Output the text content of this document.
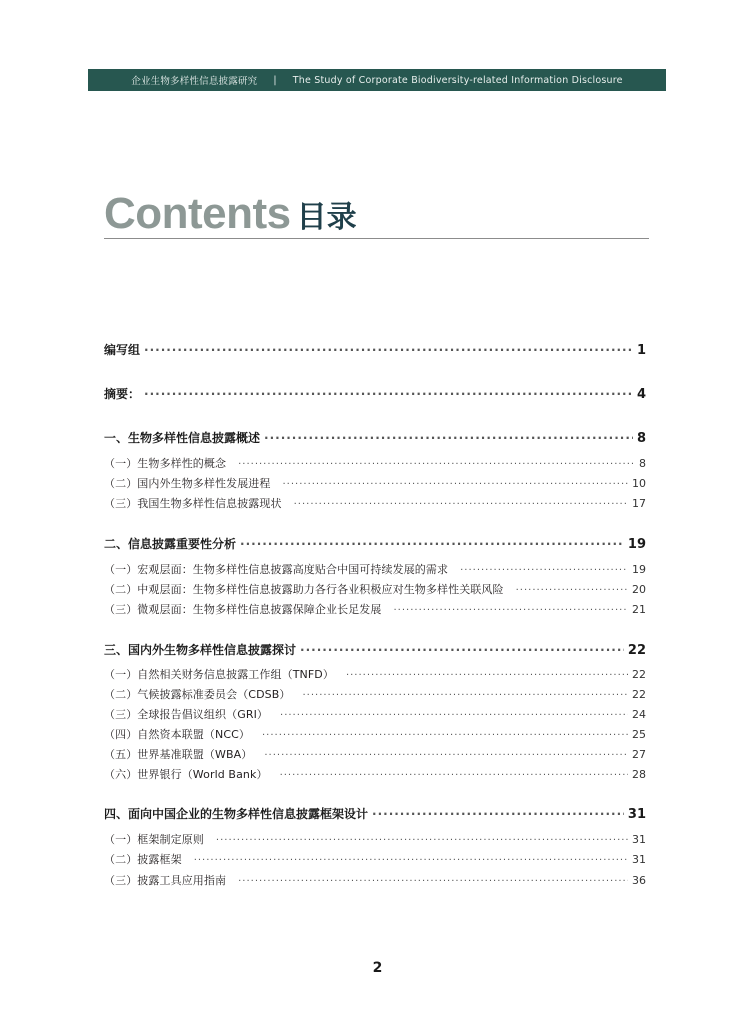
企业生物多样性信息披露研究 | The Study of Corporate Biodiversity-related Information Disclosure
Contents 目录
编写组 ·····	1
摘要： ·····	4
一、生物多样性信息披露概述 ·····	8
（一）生物多样性的概念 ·····	8
（二）国内外生物多样性发展进程 ·····	10
（三）我国生物多样性信息披露现状 ·····	17
二、信息披露重要性分析 ·····	19
（一）宏观层面：生物多样性信息披露高度贴合中国可持续发展的需求 ·····	19
（二）中观层面：生物多样性信息披露助力各行各业积极应对生物多样性关联风险 ·····	20
（三）微观层面：生物多样性信息披露保障企业长足发展 ·····	21
三、国内外生物多样性信息披露探讨 ·····	22
（一）自然相关财务信息披露工作组（TNFD） ·····	22
（二）气候披露标准委员会（CDSB） ·····	22
（三）全球报告倡议组织（GRI） ·····	24
（四）自然资本联盟（NCC） ·····	25
（五）世界基准联盟（WBA） ·····	27
（六）世界银行（World Bank） ·····	28
四、面向中国企业的生物多样性信息披露框架设计 ·····	31
（一）框架制定原则 ·····	31
（二）披露框架 ·····	31
（三）披露工具应用指南 ·····	36
2
